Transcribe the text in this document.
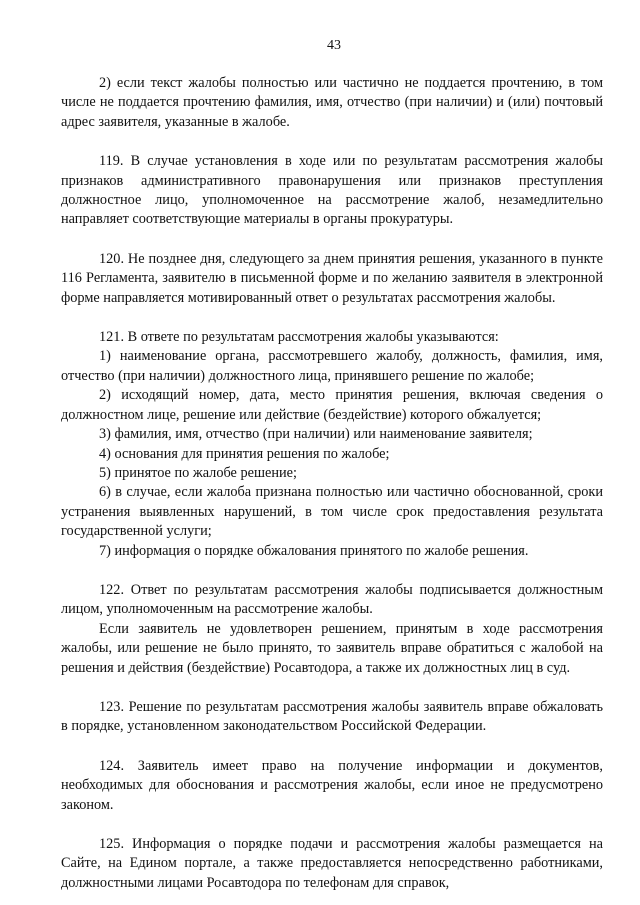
43

2) если текст жалобы полностью или частично не поддается прочтению, в том числе не поддается прочтению фамилия, имя, отчество (при наличии) и (или) почтовый адрес заявителя, указанные в жалобе.

119. В случае установления в ходе или по результатам рассмотрения жалобы признаков административного правонарушения или признаков преступления должностное лицо, уполномоченное на рассмотрение жалоб, незамедлительно направляет соответствующие материалы в органы прокуратуры.

120. Не позднее дня, следующего за днем принятия решения, указанного в пункте 116 Регламента, заявителю в письменной форме и по желанию заявителя в электронной форме направляется мотивированный ответ о результатах рассмотрения жалобы.

121. В ответе по результатам рассмотрения жалобы указываются:

1) наименование органа, рассмотревшего жалобу, должность, фамилия, имя, отчество (при наличии) должностного лица, принявшего решение по жалобе;

2) исходящий номер, дата, место принятия решения, включая сведения о должностном лице, решение или действие (бездействие) которого обжалуется;

3) фамилия, имя, отчество (при наличии) или наименование заявителя;

4) основания для принятия решения по жалобе;

5) принятое по жалобе решение;

6) в случае, если жалоба признана полностью или частично обоснованной, сроки устранения выявленных нарушений, в том числе срок предоставления результата государственной услуги;

7) информация о порядке обжалования принятого по жалобе решения.

122. Ответ по результатам рассмотрения жалобы подписывается должностным лицом, уполномоченным на рассмотрение жалобы.

Если заявитель не удовлетворен решением, принятым в ходе рассмотрения жалобы, или решение не было принято, то заявитель вправе обратиться с жалобой на решения и действия (бездействие) Росавтодора, а также их должностных лиц в суд.

123. Решение по результатам рассмотрения жалобы заявитель вправе обжаловать в порядке, установленном законодательством Российской Федерации.

124. Заявитель имеет право на получение информации и документов, необходимых для обоснования и рассмотрения жалобы, если иное не предусмотрено законом.

125. Информация о порядке подачи и рассмотрения жалобы размещается на Сайте, на Едином портале, а также предоставляется непосредственно работниками, должностными лицами Росавтодора по телефонам для справок,
